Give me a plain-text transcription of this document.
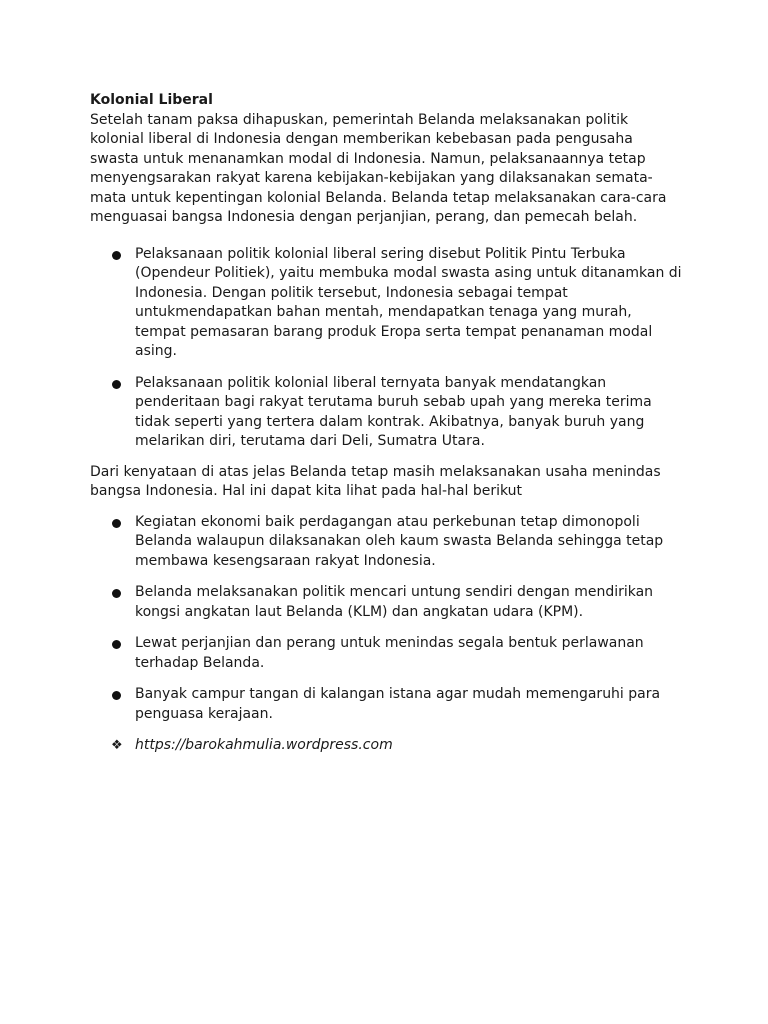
Kolonial Liberal

Setelah tanam paksa dihapuskan, pemerintah Belanda melaksanakan politik
kolonial liberal di Indonesia dengan memberikan kebebasan pada pengusaha
swasta untuk menanamkan modal di Indonesia. Namun, pelaksanaannya tetap
menyengsarakan rakyat karena kebijakan-kebijakan yang dilaksanakan semata-
mata untuk kepentingan kolonial Belanda. Belanda tetap melaksanakan cara-cara
menguasai bangsa Indonesia dengan perjanjian, perang, dan pemecah belah.

Pelaksanaan politik kolonial liberal sering disebut Politik Pintu Terbuka
(Opendeur Politiek), yaitu membuka modal swasta asing untuk ditanamkan di
Indonesia. Dengan politik tersebut, Indonesia sebagai tempat
untukmendapatkan bahan mentah, mendapatkan tenaga yang murah,
tempat pemasaran barang produk Eropa serta tempat penanaman modal
asing.
Pelaksanaan politik kolonial liberal ternyata banyak mendatangkan
penderitaan bagi rakyat terutama buruh sebab upah yang mereka terima
tidak seperti yang tertera dalam kontrak. Akibatnya, banyak buruh yang
melarikan diri, terutama dari Deli, Sumatra Utara.

Dari kenyataan di atas jelas Belanda tetap masih melaksanakan usaha menindas
bangsa Indonesia. Hal ini dapat kita lihat pada hal-hal berikut

Kegiatan ekonomi baik perdagangan atau perkebunan tetap dimonopoli
Belanda walaupun dilaksanakan oleh kaum swasta Belanda sehingga tetap
membawa kesengsaraan rakyat Indonesia.
Belanda melaksanakan politik mencari untung sendiri dengan mendirikan
kongsi angkatan laut Belanda (KLM) dan angkatan udara (KPM).
Lewat perjanjian dan perang untuk menindas segala bentuk perlawanan
terhadap Belanda.
Banyak campur tangan di kalangan istana agar mudah memengaruhi para
penguasa kerajaan.
❖ https://barokahmulia.wordpress.com
